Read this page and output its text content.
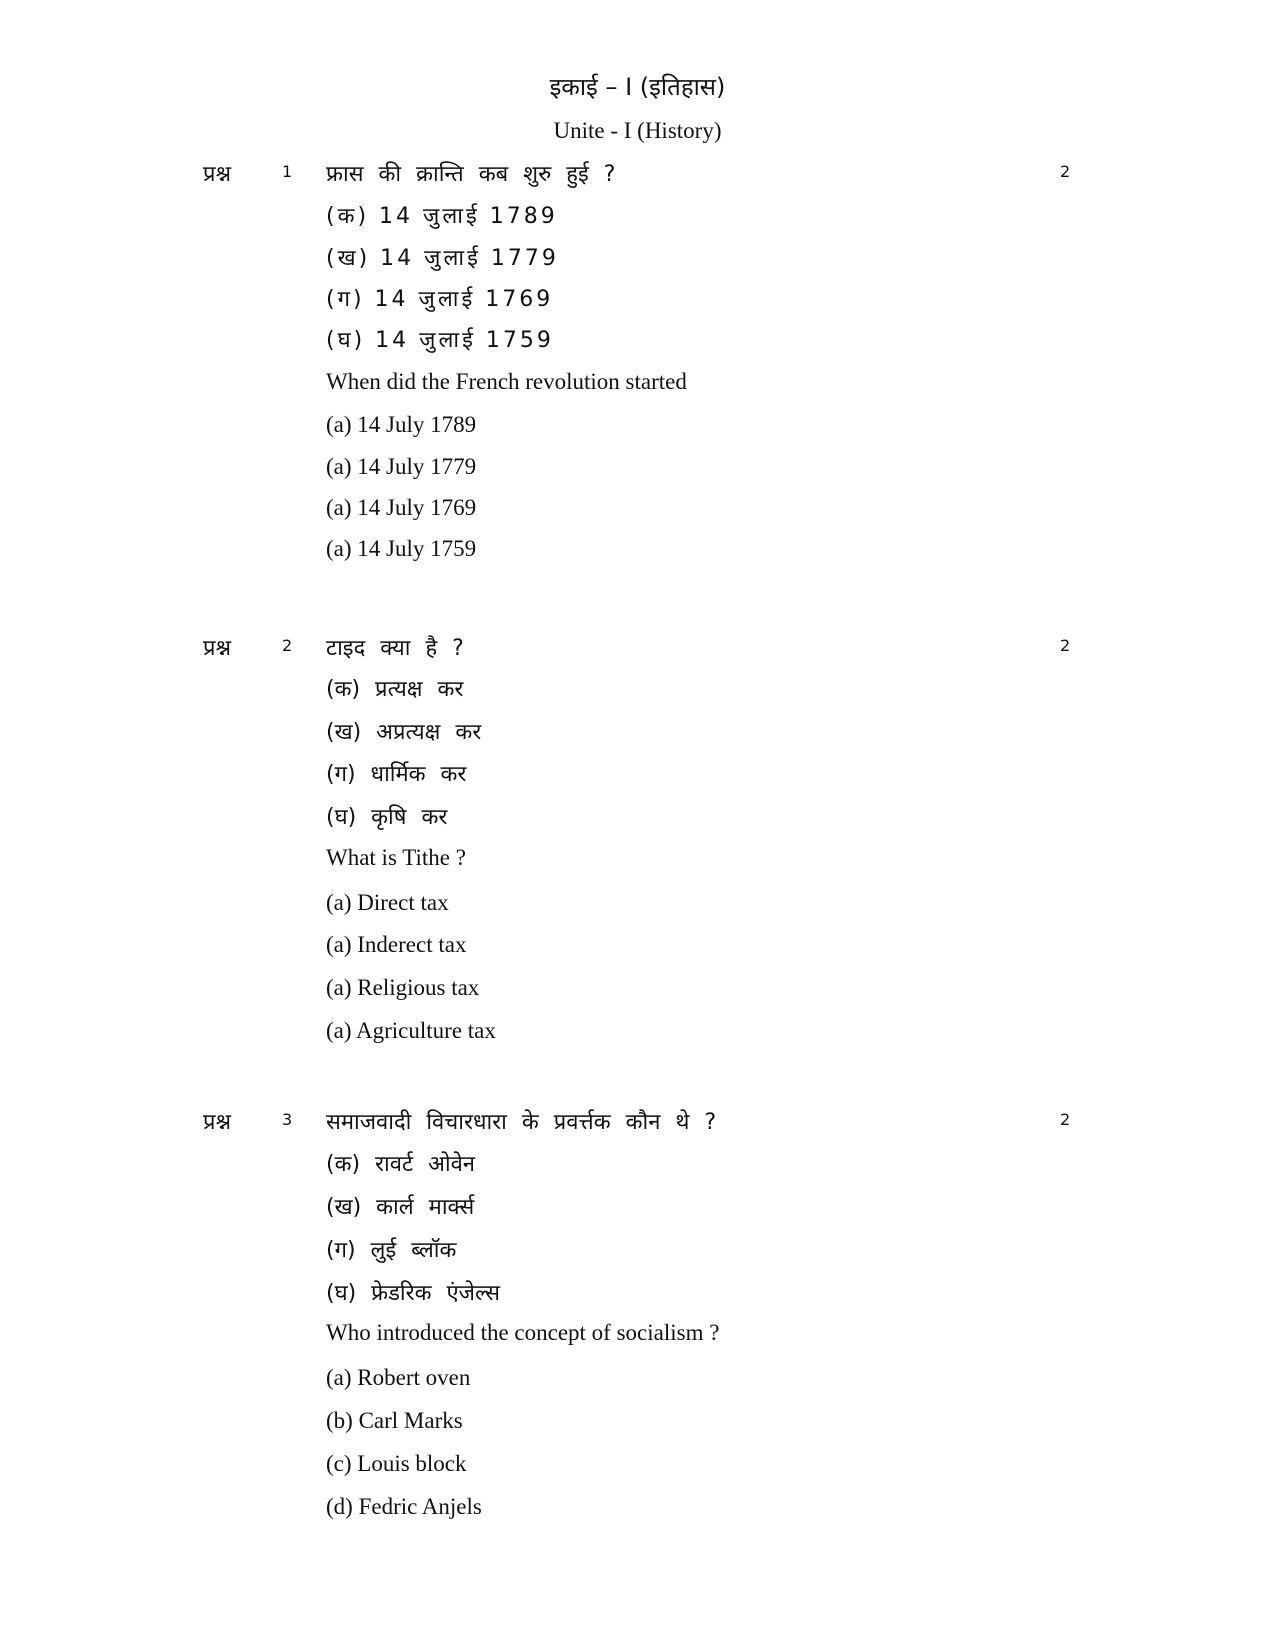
इकाई – I (इतिहास)
Unite - I (History)
प्रश्न	1 फ्रास की क्रान्ति कब शुरु हुई ?	2
(क) 14 जुलाई 1789
(ख) 14 जुलाई 1779
(ग) 14 जुलाई 1769
(घ) 14 जुलाई 1759
When did the French revolution started
(a) 14 July 1789
(a) 14 July 1779
(a) 14 July 1769
(a) 14 July 1759
प्रश्न	2 टाइद क्या है ?	2
(क) प्रत्यक्ष कर
(ख) अप्रत्यक्ष कर
(ग) धार्मिक कर
(घ) कृषि कर
What is Tithe ?
(a) Direct tax
(a) Inderect tax
(a) Religious tax
(a) Agriculture tax
प्रश्न	3 समाजवादी विचारधारा के प्रवर्त्तक कौन थे ?	2
(क) रावर्ट ओवेन
(ख) कार्ल मार्क्स
(ग) लुई ब्लॉक
(घ) फ्रेडरिक एंजेल्स
Who introduced the concept of socialism ?
(a) Robert oven
(b) Carl Marks
(c) Louis block
(d) Fedric Anjels
